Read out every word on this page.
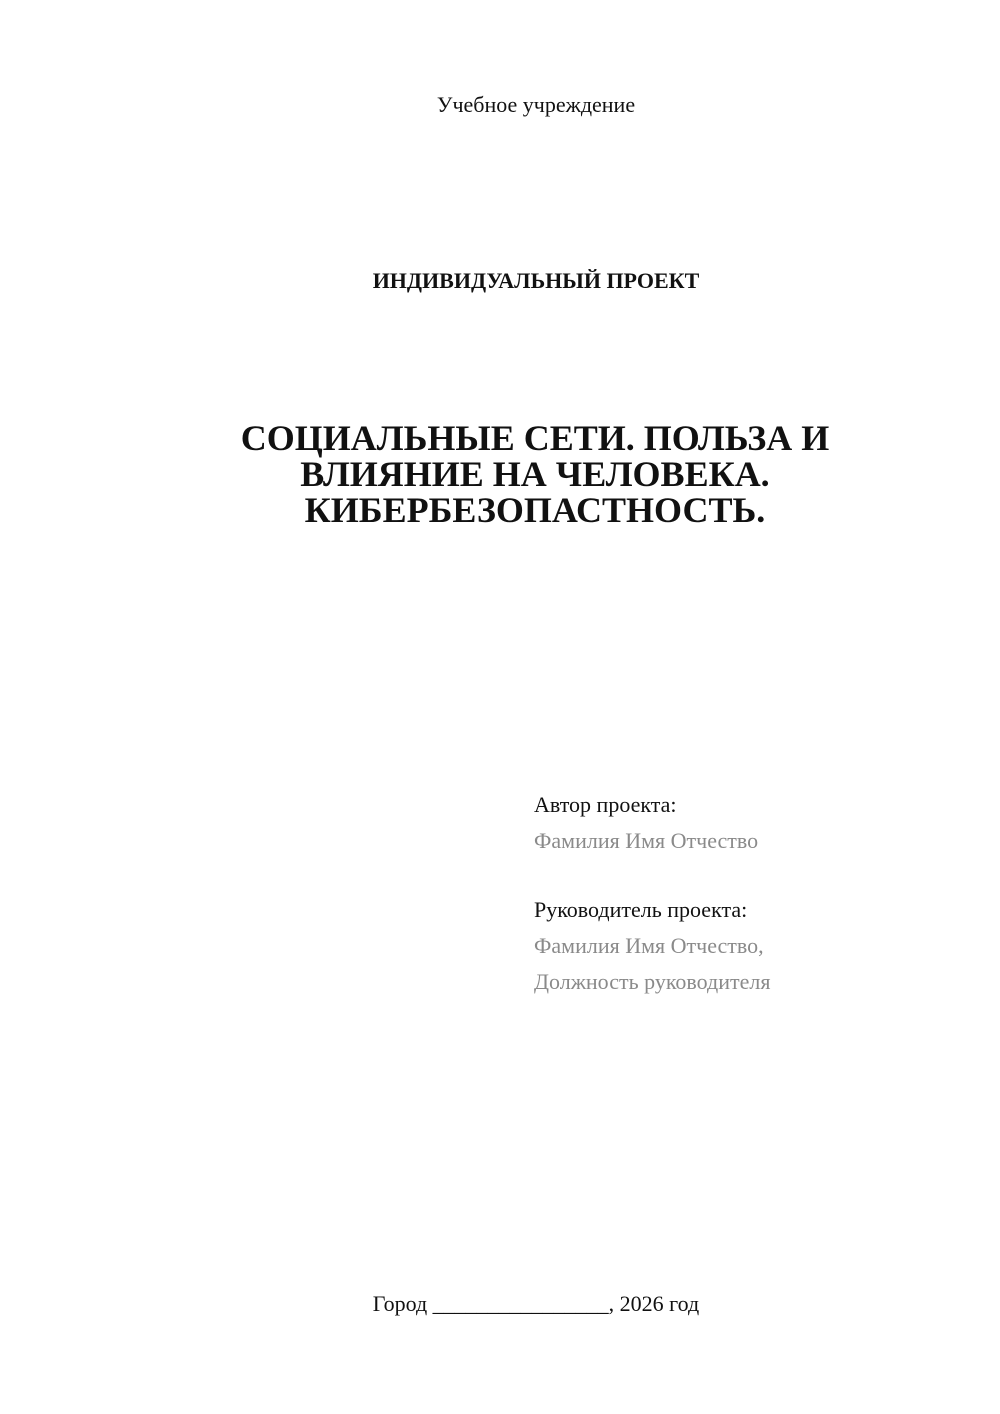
Учебное учреждение
ИНДИВИДУАЛЬНЫЙ ПРОЕКТ
СОЦИАЛЬНЫЕ СЕТИ. ПОЛЬЗА И
ВЛИЯНИЕ НА ЧЕЛОВЕКА.
КИБЕРБЕЗОПАСТНОСТЬ.
Автор проекта:
Фамилия Имя Отчество
Руководитель проекта:
Фамилия Имя Отчество,
Должность руководителя
Город ________________, 2026 год
